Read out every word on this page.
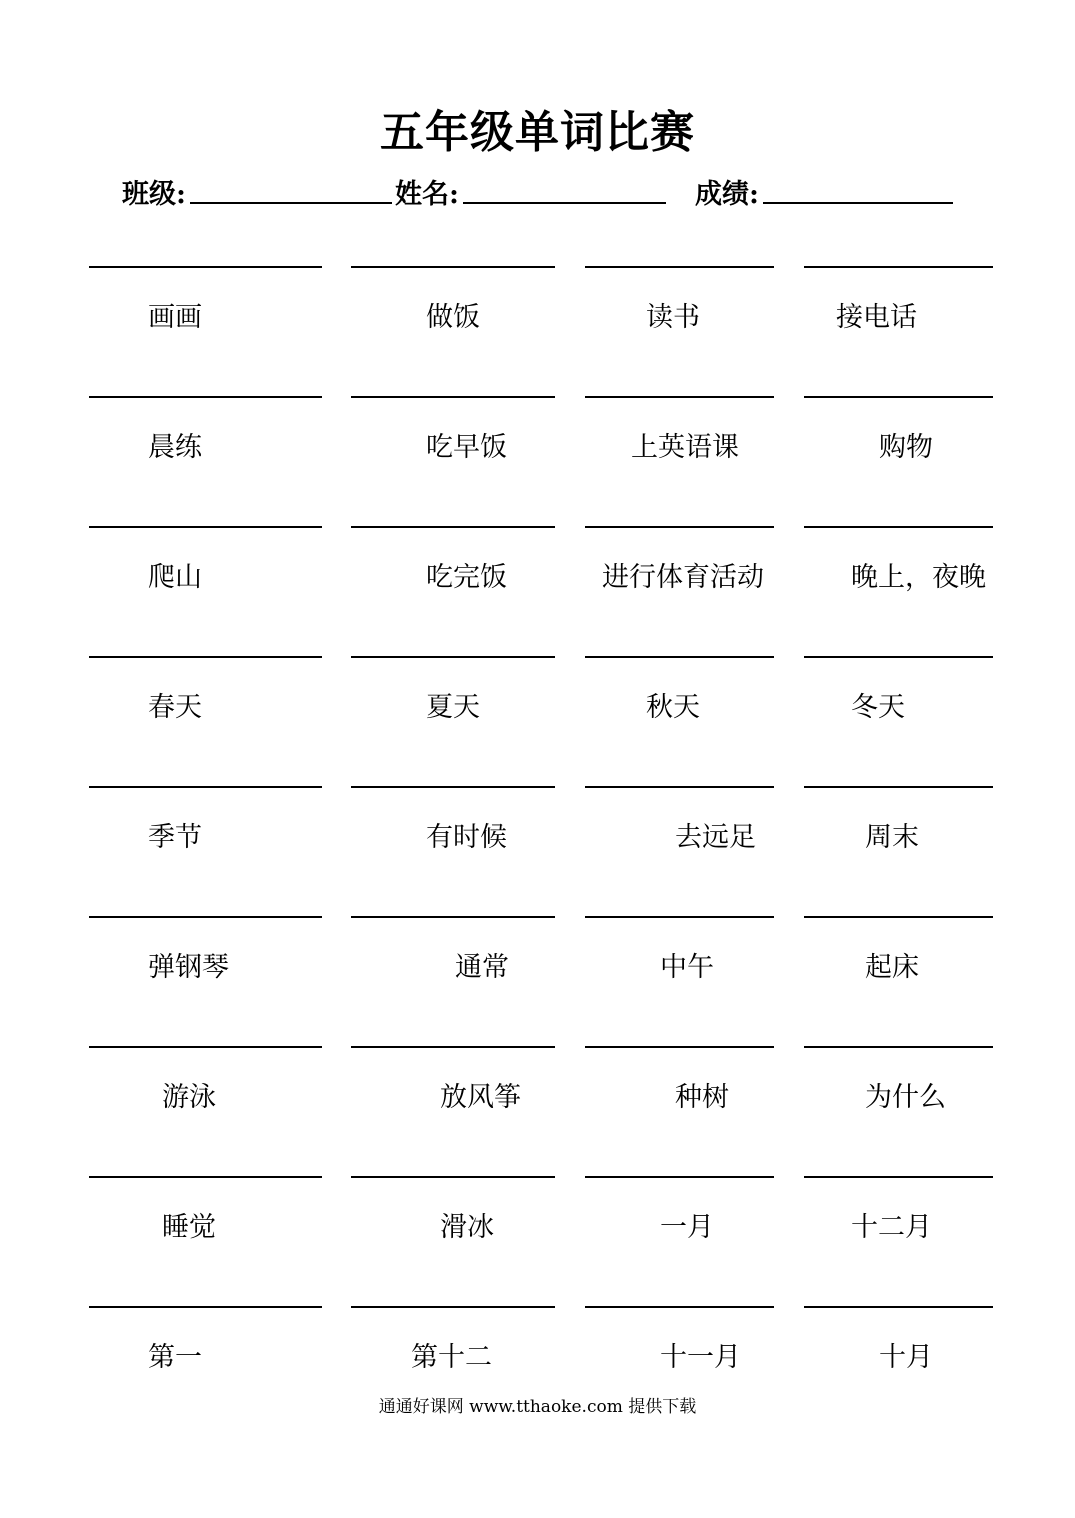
五年级单词比赛
班级:	姓名:	成绩:
画画	做饭	读书	接电话
晨练	吃早饭	上英语课	购物
爬山	吃完饭	进行体育活动	晚上，夜晚
春天	夏天	秋天	冬天
季节	有时候	去远足	周末
弹钢琴	通常	中午	起床
游泳	放风筝	种树	为什么
睡觉	滑冰	一月	十二月
第一	第十二	十一月	十月
通通好课网 www.tthaoke.com 提供下载
